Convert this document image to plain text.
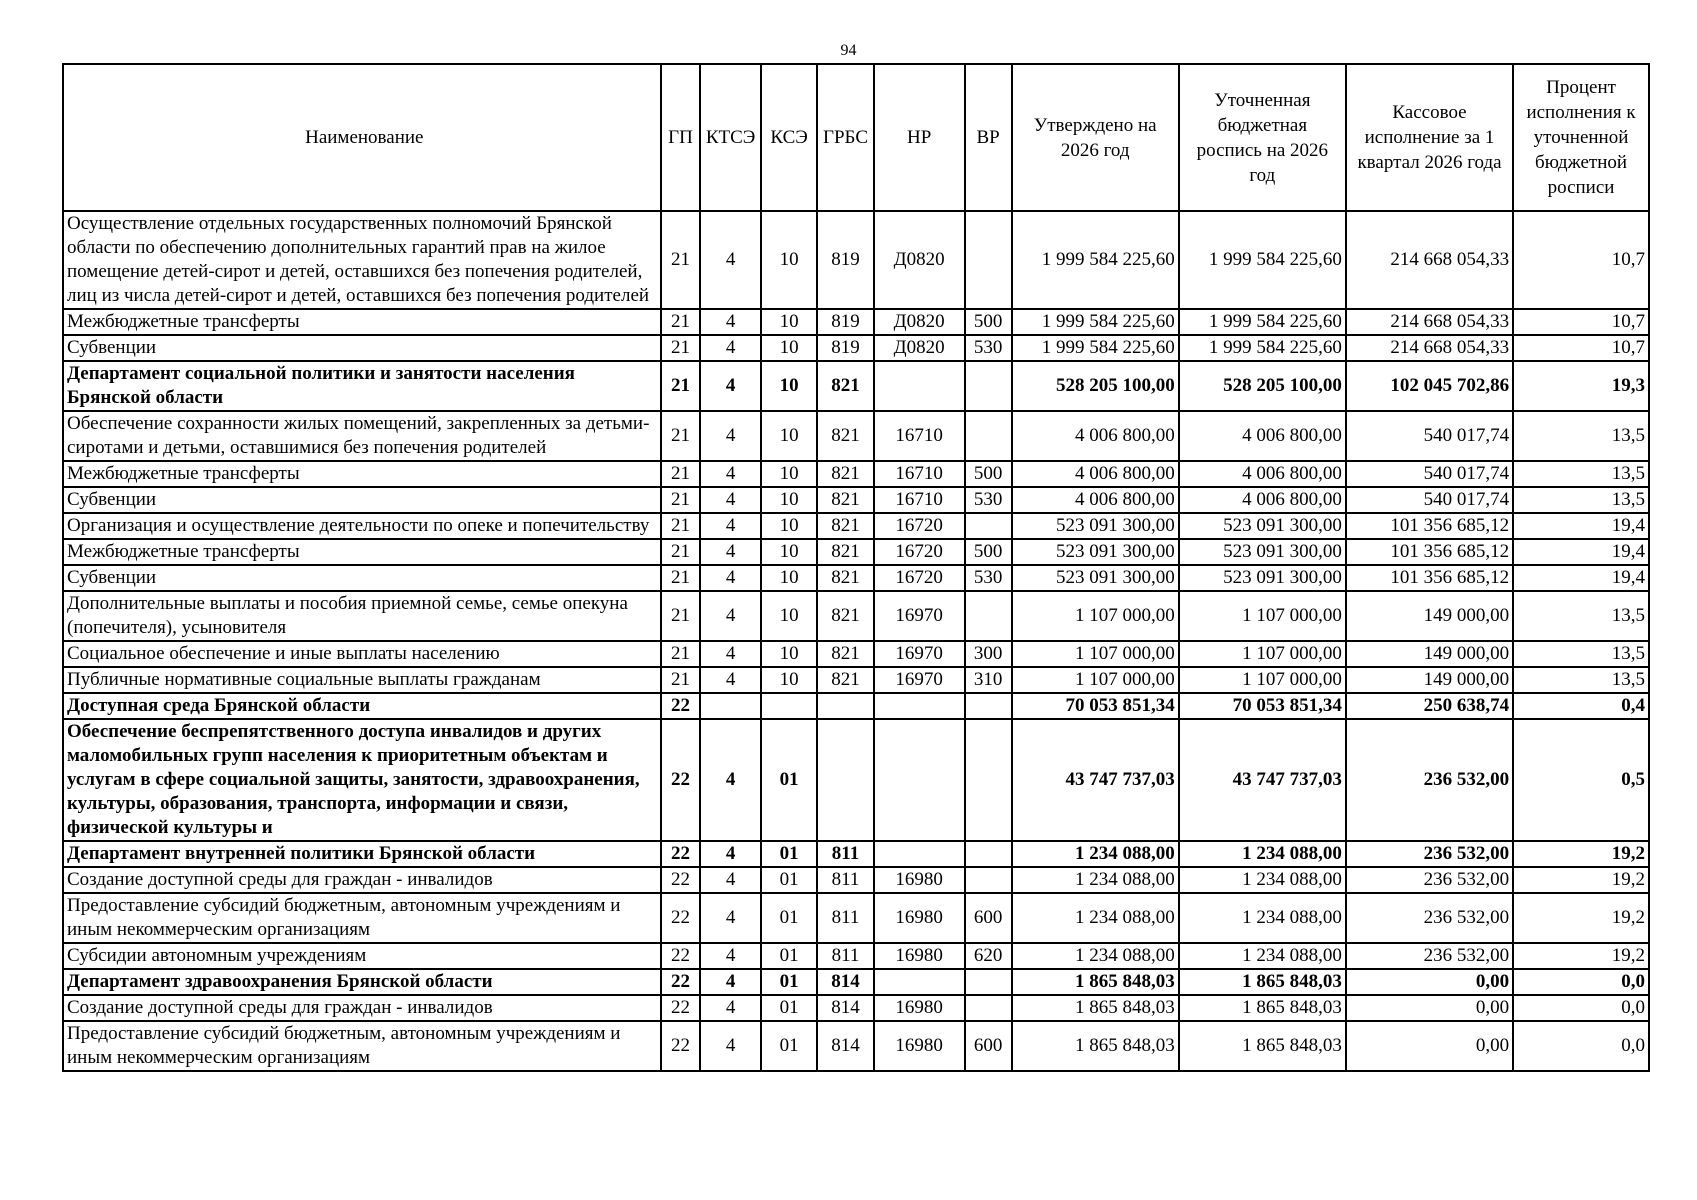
94
Наименование	ГП	КТСЭ	КСЭ	ГРБС	НР	ВР	Утверждено на 2026 год	Уточненная бюджетная роспись на 2026 год	Кассовое исполнение за 1 квартал 2026 года	Процент исполнения к уточненной бюджетной росписи
Осуществление отдельных государственных полномочий Брянской области по обеспечению дополнительных гарантий прав на жилое помещение детей-сирот и детей, оставшихся без попечения родителей, лиц из числа детей-сирот и детей, оставшихся без попечения родителей	21	4	10	819	Д0820		1 999 584 225,60	1 999 584 225,60	214 668 054,33	10,7
Межбюджетные трансферты	21	4	10	819	Д0820	500	1 999 584 225,60	1 999 584 225,60	214 668 054,33	10,7
Субвенции	21	4	10	819	Д0820	530	1 999 584 225,60	1 999 584 225,60	214 668 054,33	10,7
Департамент социальной политики и занятости населения Брянской области	21	4	10	821			528 205 100,00	528 205 100,00	102 045 702,86	19,3
Обеспечение сохранности жилых помещений, закрепленных за детьми-сиротами и детьми, оставшимися без попечения родителей	21	4	10	821	16710		4 006 800,00	4 006 800,00	540 017,74	13,5
Межбюджетные трансферты	21	4	10	821	16710	500	4 006 800,00	4 006 800,00	540 017,74	13,5
Субвенции	21	4	10	821	16710	530	4 006 800,00	4 006 800,00	540 017,74	13,5
Организация и осуществление деятельности по опеке и попечительству	21	4	10	821	16720		523 091 300,00	523 091 300,00	101 356 685,12	19,4
Межбюджетные трансферты	21	4	10	821	16720	500	523 091 300,00	523 091 300,00	101 356 685,12	19,4
Субвенции	21	4	10	821	16720	530	523 091 300,00	523 091 300,00	101 356 685,12	19,4
Дополнительные выплаты и пособия приемной семье, семье опекуна (попечителя), усыновителя	21	4	10	821	16970		1 107 000,00	1 107 000,00	149 000,00	13,5
Социальное обеспечение и иные выплаты населению	21	4	10	821	16970	300	1 107 000,00	1 107 000,00	149 000,00	13,5
Публичные нормативные социальные выплаты гражданам	21	4	10	821	16970	310	1 107 000,00	1 107 000,00	149 000,00	13,5
Доступная среда Брянской области	22						70 053 851,34	70 053 851,34	250 638,74	0,4

Обеспечение беспрепятственного доступа инвалидов и других маломобильных групп населения к приоритетным объектам и услугам в сфере социальной защиты, занятости, здравоохранения, культуры, образования, транспорта, информации и связи, физической культуры и	22	4	01				43 747 737,03	43 747 737,03	236 532,00	0,5
Департамент внутренней политики Брянской области	22	4	01	811			1 234 088,00	1 234 088,00	236 532,00	19,2
Создание доступной среды для граждан - инвалидов	22	4	01	811	16980		1 234 088,00	1 234 088,00	236 532,00	19,2
Предоставление субсидий бюджетным, автономным учреждениям и иным некоммерческим организациям	22	4	01	811	16980	600	1 234 088,00	1 234 088,00	236 532,00	19,2
Субсидии автономным учреждениям	22	4	01	811	16980	620	1 234 088,00	1 234 088,00	236 532,00	19,2
Департамент здравоохранения Брянской области	22	4	01	814			1 865 848,03	1 865 848,03	0,00	0,0
Создание доступной среды для граждан - инвалидов	22	4	01	814	16980		1 865 848,03	1 865 848,03	0,00	0,0
Предоставление субсидий бюджетным, автономным учреждениям и иным некоммерческим организациям	22	4	01	814	16980	600	1 865 848,03	1 865 848,03	0,00	0,0
